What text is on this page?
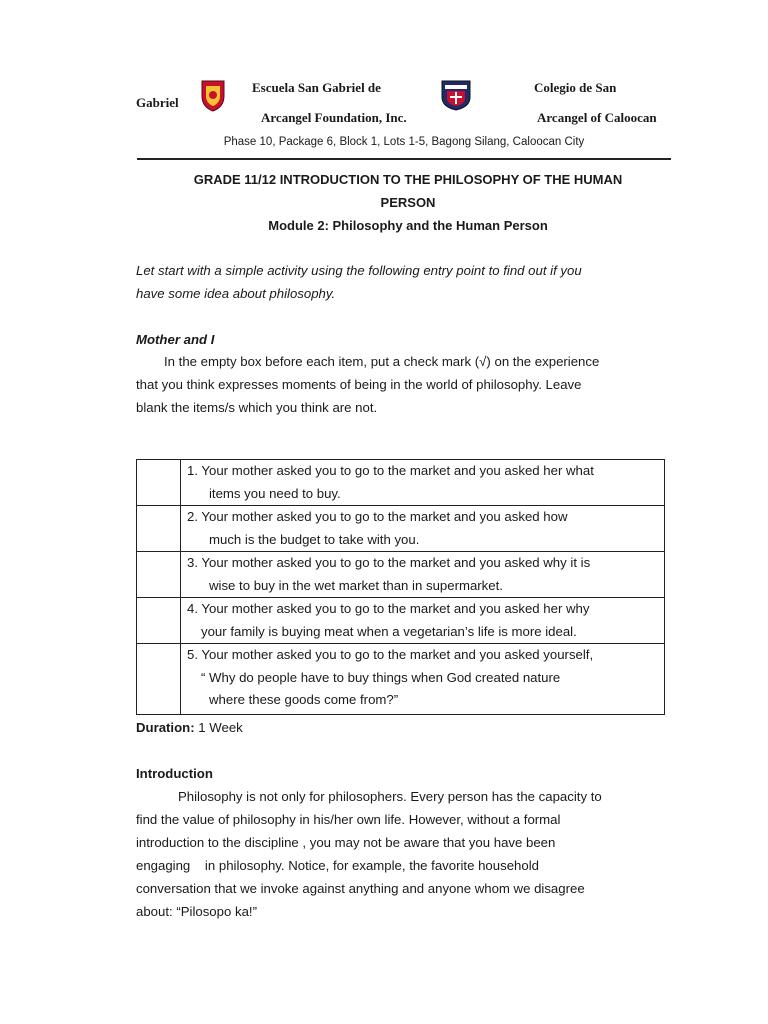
Escuela San Gabriel de
Arcangel Foundation, Inc.
Colegio de San
Arcangel of Caloocan
Gabriel
Phase 10, Package 6, Block 1, Lots 1-5, Bagong Silang, Caloocan City
GRADE 11/12 INTRODUCTION TO THE PHILOSOPHY OF THE HUMAN
PERSON
Module 2: Philosophy and the Human Person
Let start with a simple activity using the following entry point to find out if you
have some idea about philosophy.
Mother and I
In the empty box before each item, put a check mark (√) on the experience
that you think expresses moments of being in the world of philosophy. Leave
blank the items/s which you think are not.
1. Your mother asked you to go to the market and you asked her what
items you need to buy.
2. Your mother asked you to go to the market and you asked how
much is the budget to take with you.
3. Your mother asked you to go to the market and you asked why it is
wise to buy in the wet market than in supermarket.
4. Your mother asked you to go to the market and you asked her why
your family is buying meat when a vegetarian’s life is more ideal.
5. Your mother asked you to go to the market and you asked yourself,
“ Why do people have to buy things when God created nature
where these goods come from?”
Duration: 1 Week
Introduction
Philosophy is not only for philosophers. Every person has the capacity to
find the value of philosophy in his/her own life. However, without a formal
introduction to the discipline , you may not be aware that you have been
engaging    in philosophy. Notice, for example, the favorite household
conversation that we invoke against anything and anyone whom we disagree
about: “Pilosopo ka!”
